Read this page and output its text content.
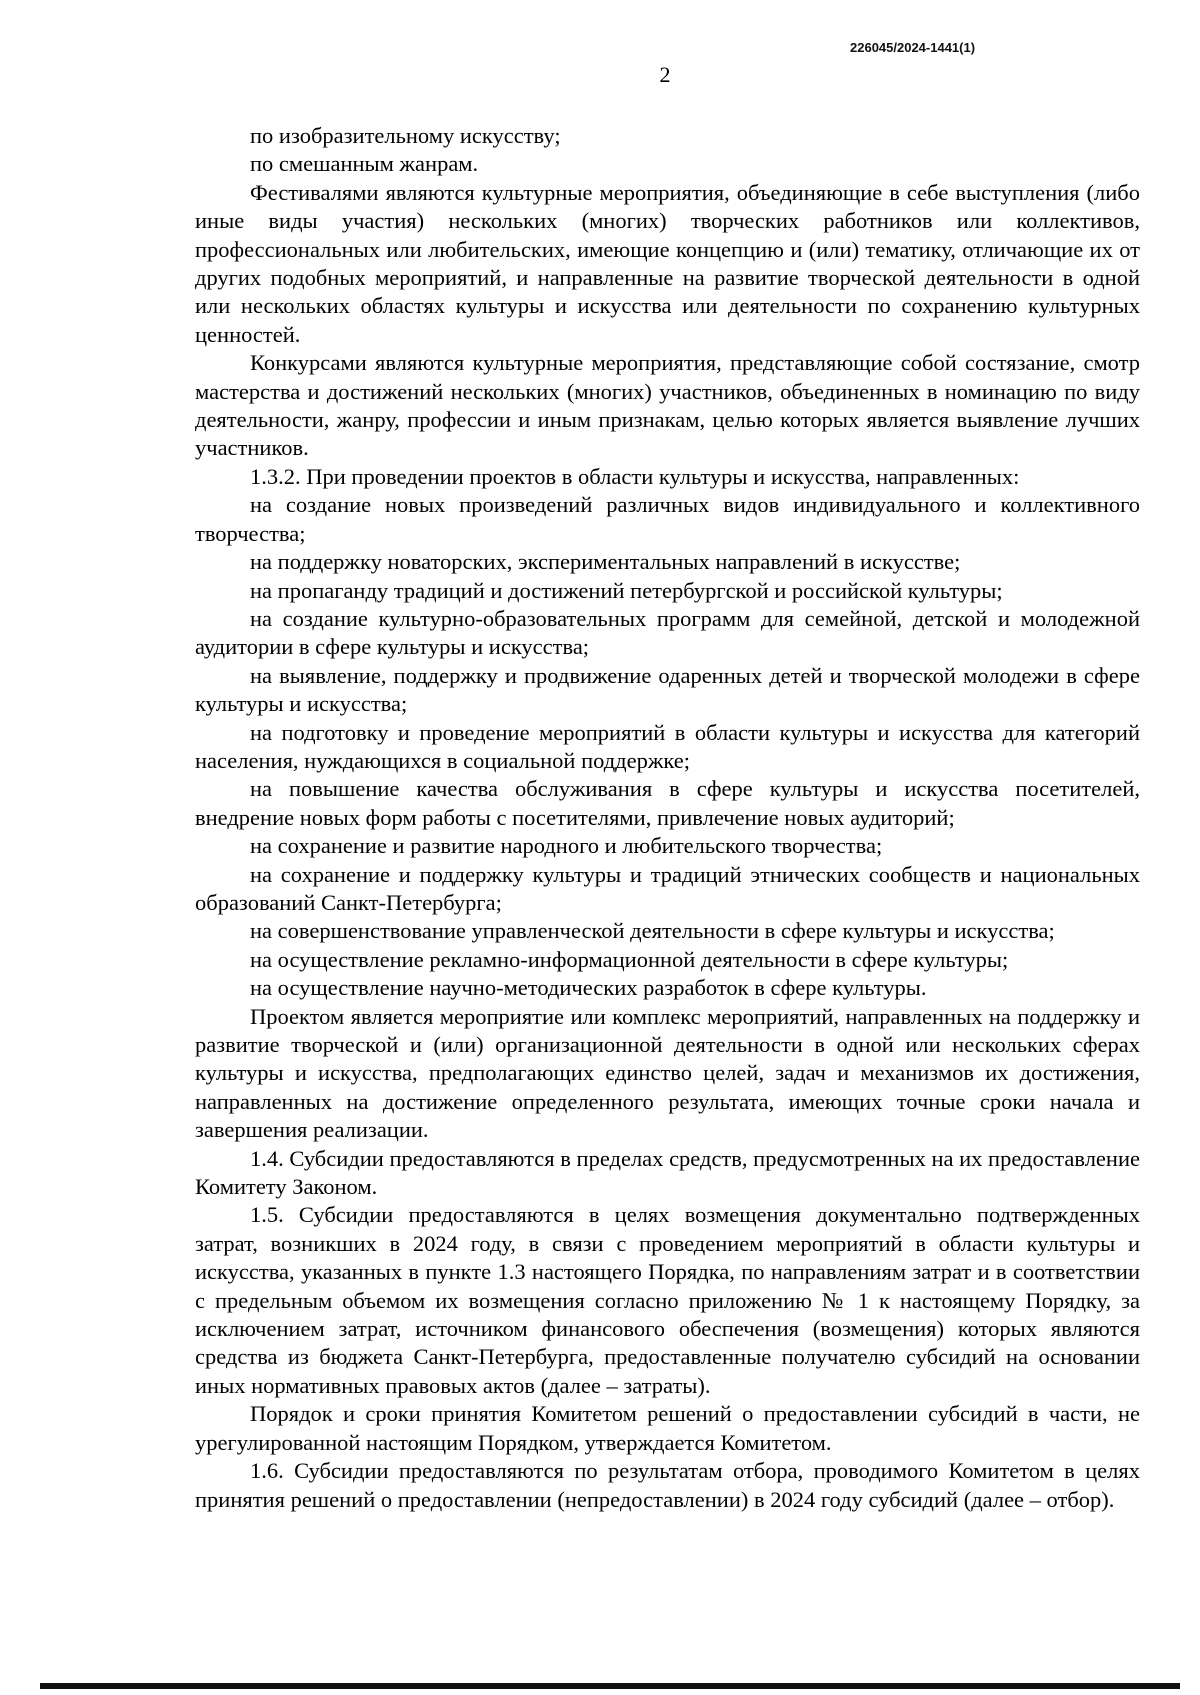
226045/2024-1441(1)
2

по изобразительному искусству;

по смешанным жанрам.

Фестивалями являются культурные мероприятия, объединяющие в себе выступления (либо иные виды участия) нескольких (многих) творческих работников или коллективов, профессиональных или любительских, имеющие концепцию и (или) тематику, отличающие их от других подобных мероприятий, и направленные на развитие творческой деятельности в одной или нескольких областях культуры и искусства или деятельности по сохранению культурных ценностей.

Конкурсами являются культурные мероприятия, представляющие собой состязание, смотр мастерства и достижений нескольких (многих) участников, объединенных в номинацию по виду деятельности, жанру, профессии и иным признакам, целью которых является выявление лучших участников.

1.3.2. При проведении проектов в области культуры и искусства, направленных:

на создание новых произведений различных видов индивидуального и коллективного творчества;

на поддержку новаторских, экспериментальных направлений в искусстве;

на пропаганду традиций и достижений петербургской и российской культуры;

на создание культурно-образовательных программ для семейной, детской и молодежной аудитории в сфере культуры и искусства;

на выявление, поддержку и продвижение одаренных детей и творческой молодежи в сфере культуры и искусства;

на подготовку и проведение мероприятий в области культуры и искусства для категорий населения, нуждающихся в социальной поддержке;

на повышение качества обслуживания в сфере культуры и искусства посетителей, внедрение новых форм работы с посетителями, привлечение новых аудиторий;

на сохранение и развитие народного и любительского творчества;

на сохранение и поддержку культуры и традиций этнических сообществ и национальных образований Санкт-Петербурга;

на совершенствование управленческой деятельности в сфере культуры и искусства;

на осуществление рекламно-информационной деятельности в сфере культуры;

на осуществление научно-методических разработок в сфере культуры.

Проектом является мероприятие или комплекс мероприятий, направленных на поддержку и развитие творческой и (или) организационной деятельности в одной или нескольких сферах культуры и искусства, предполагающих единство целей, задач и механизмов их достижения, направленных на достижение определенного результата, имеющих точные сроки начала и завершения реализации.

1.4. Субсидии предоставляются в пределах средств, предусмотренных на их предоставление Комитету Законом.

1.5. Субсидии предоставляются в целях возмещения документально подтвержденных затрат, возникших в 2024 году, в связи с проведением мероприятий в области культуры и искусства, указанных в пункте 1.3 настоящего Порядка, по направлениям затрат и в соответствии с предельным объемом их возмещения согласно приложению № 1 к настоящему Порядку, за исключением затрат, источником финансового обеспечения (возмещения) которых являются средства из бюджета Санкт-Петербурга, предоставленные получателю субсидий на основании иных нормативных правовых актов (далее – затраты).

Порядок и сроки принятия Комитетом решений о предоставлении субсидий в части, не урегулированной настоящим Порядком, утверждается Комитетом.

1.6. Субсидии предоставляются по результатам отбора, проводимого Комитетом в целях принятия решений о предоставлении (непредоставлении) в 2024 году субсидий (далее – отбор).
